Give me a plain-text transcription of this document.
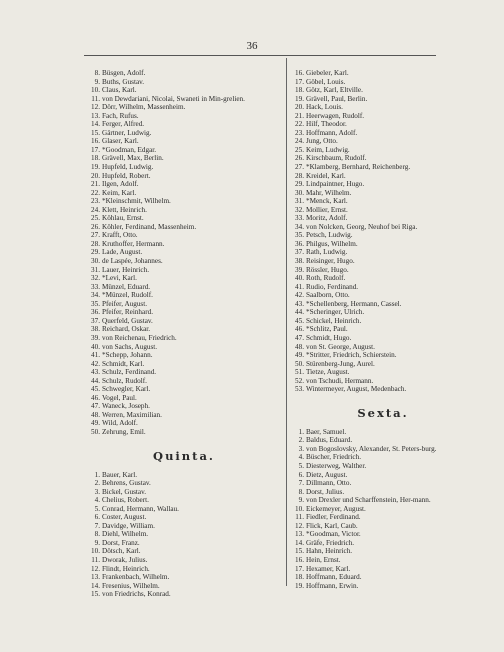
36
8. Büsgen, Adolf.
9. Buths, Gustav.
10. Claus, Karl.
11. von Dewdariani, Nicolai, Swaneti in Min-grelien.
12. Dörr, Wilhelm, Massenheim.
13. Fach, Rufus.
14. Ferger, Alfred.
15. Gärtner, Ludwig.
16. Glaser, Karl.
17. *Goodman, Edgar.
18. Grävell, Max, Berlin.
19. Hupfeld, Ludwig.
20. Hupfeld, Robert.
21. Ilgen, Adolf.
22. Keim, Karl.
23. *Kleinschmit, Wilhelm.
24. Klett, Heinrich.
25. Köhlau, Ernst.
26. Köhler, Ferdinand, Massenheim.
27. Krafft, Otto.
28. Kruthoffer, Hermann.
29. Lade, August.
30. de Laspée, Johannes.
31. Lauer, Heinrich.
32. *Levi, Karl.
33. Münzel, Eduard.
34. *Münzel, Rudolf.
35. Pfeifer, August.
36. Pfeifer, Reinhard.
37. Querfeld, Gustav.
38. Reichard, Oskar.
39. von Reichenau, Friedrich.
40. von Sachs, August.
41. *Schepp, Johann.
42. Schmidt, Karl.
43. Schulz, Ferdinand.
44. Schulz, Rudolf.
45. Schwegler, Karl.
46. Vogel, Paul.
47. Waneck, Joseph.
48. Werren, Maximilian.
49. Wild, Adolf.
50. Zehrung, Emil.
Quinta.
1. Bauer, Karl.
2. Behrens, Gustav.
3. Bickel, Gustav.
4. Chelius, Robert.
5. Conrad, Hermann, Wallau.
6. Coster, August.
7. Davidge, William.
8. Diehl, Wilhelm.
9. Dorst, Franz.
10. Dötsch, Karl.
11. Dworak, Julius.
12. Flindt, Heinrich.
13. Frankenbach, Wilhelm.
14. Fresenius, Wilhelm.
15. von Friedrichs, Konrad.
16. Giebeler, Karl.
17. Göbel, Louis.
18. Götz, Karl, Eltville.
19. Grävell, Paul, Berlin.
20. Hack, Louis.
21. Heerwagen, Rudolf.
22. Hilf, Theodor.
23. Hoffmann, Adolf.
24. Jung, Otto.
25. Keim, Ludwig.
26. Kirschbaum, Rudolf.
27. *Klamberg, Bernhard, Reichenberg.
28. Kreidel, Karl.
29. Lindpaintner, Hugo.
30. Mahr, Wilhelm.
31. *Menck, Karl.
32. Mollier, Ernst.
33. Moritz, Adolf.
34. von Nolcken, Georg, Neuhof bei Riga.
35. Petsch, Ludwig.
36. Philgus, Wilhelm.
37. Rath, Ludwig.
38. Reisinger, Hugo.
39. Rössler, Hugo.
40. Roth, Rudolf.
41. Rudio, Ferdinand.
42. Saalborn, Otto.
43. *Schellenberg, Hermann, Cassel.
44. *Scheringer, Ulrich.
45. Schickel, Heinrich.
46. *Schlitz, Paul.
47. Schmidt, Hugo.
48. von St. George, August.
49. *Stritter, Friedrich, Schierstein.
50. Stürenberg-Jung, Aurel.
51. Tietze, August.
52. von Tschudi, Hermann.
53. Wintermeyer, August, Medenbach.
Sexta.
1. Baer, Samuel.
2. Baldus, Eduard.
3. von Bogoslovsky, Alexander, St. Peters-burg.
4. Büscher, Friedrich.
5. Diesterweg, Walther.
6. Dietz, August.
7. Dillmann, Otto.
8. Dorst, Julius.
9. von Drexler und Scharffenstein, Her-mann.
10. Eickemeyer, August.
11. Fiedler, Ferdinand.
12. Flick, Karl, Caub.
13. *Goodman, Victor.
14. Gräfe, Friedrich.
15. Hahn, Heinrich.
16. Hein, Ernst.
17. Hexamer, Karl.
18. Hoffmann, Eduard.
19. Hoffmann, Erwin.
